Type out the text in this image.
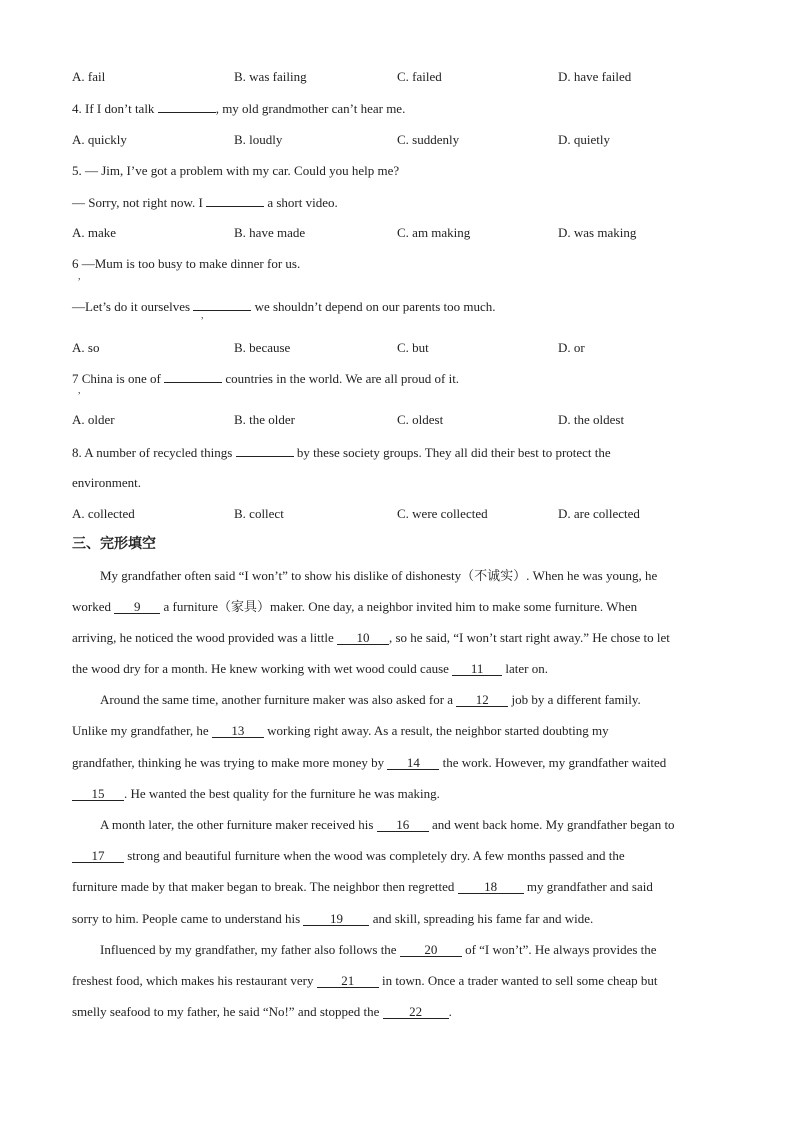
A. fail	B. was failing	C. failed	D. have failed
4. If I don’t talk	, my old grandmother can’t hear me.
A. quickly	B. loudly	C. suddenly	D. quietly
5. — Jim, I’ve got a problem with my car. Could you help me?
— Sorry, not right now. I	a short video.
A. make	B. have made	C. am making	D. was making
6 —Mum is too busy to make dinner for us.
,
—Let’s do it ourselves	we shouldn’t depend on our parents too much.
,
A. so	B. because	C. but	D. or
7 China is one of	countries in the world. We are all proud of it.
,
A. older	B. the older	C. oldest	D. the oldest
8. A number of recycled things	by these society groups. They all did their best to protect the
environment.
A. collected	B. collect	C. were collected	D. are collected
三、完形填空
My grandfather often said “I won’t” to show his dislike of dishonesty（不诚实）. When he was young, he
worked 9 a furniture（家具）maker. One day, a neighbor invited him to make some furniture. When
arriving, he noticed the wood provided was a little 10 , so he said, “I won’t start right away.” He chose to let
the wood dry for a month. He knew working with wet wood could cause 11 later on.
Around the same time, another furniture maker was also asked for a 12 job by a different family.
Unlike my grandfather, he 13 working right away. As a result, the neighbor started doubting my
grandfather, thinking he was trying to make more money by 14 the work. However, my grandfather waited
15 . He wanted the best quality for the furniture he was making.
A month later, the other furniture maker received his 16 and went back home. My grandfather began to
17 strong and beautiful furniture when the wood was completely dry. A few months passed and the
furniture made by that maker began to break. The neighbor then regretted 18 my grandfather and said
sorry to him. People came to understand his 19 and skill, spreading his fame far and wide.
Influenced by my grandfather, my father also follows the 20 of “I won’t”. He always provides the
freshest food, which makes his restaurant very 21 in town. Once a trader wanted to sell some cheap but
smelly seafood to my father, he said “No!” and stopped the 22 .
